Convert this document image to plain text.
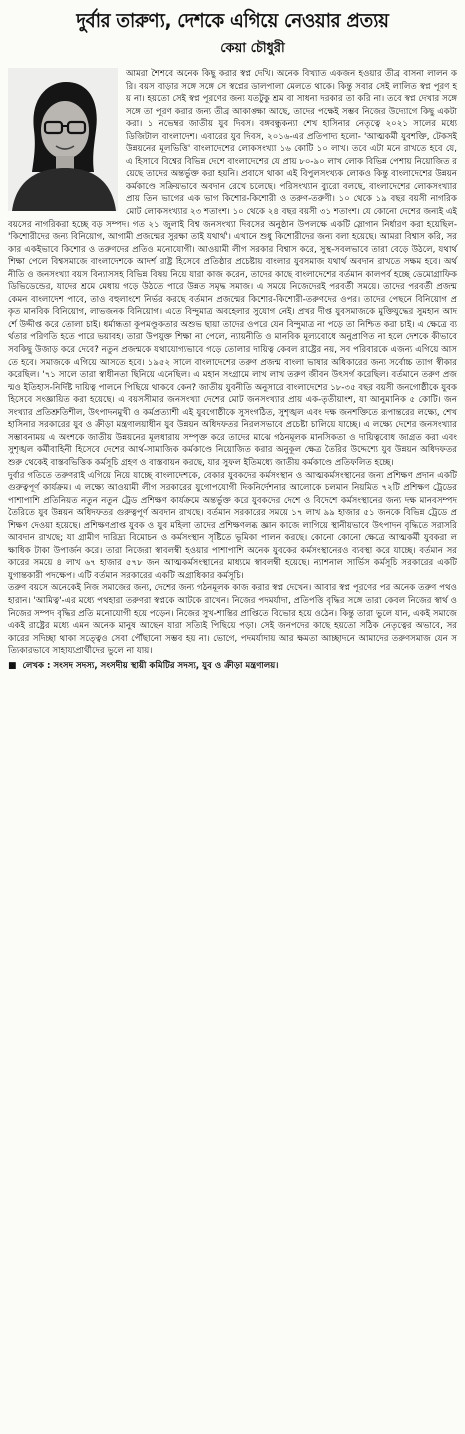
দুর্বার তারুণ্য, দেশকে এগিয়ে নেওয়ার প্রত্যয়
কেয়া চৌধুরী

আমরা শৈশবে অনেক কিছু করার স্বপ্ন দেখি। অনেক বিখ্যাত একজন হওয়ার তীব্র বাসনা লালন করি। বয়স বাড়ার সঙ্গে সঙ্গে সে স্বপ্নের ডালপালা মেলতে থাকে। কিন্তু সবার সেই লালিত স্বপ্ন পূরণ হয় না। হয়তো সেই স্বপ্ন পূরণের জন্য যতটুকু শ্রম বা সাধনা দরকার তা করি না। তবে স্বপ্ন দেখার সঙ্গে সঙ্গে তা পূরণ করার জন্য তীব্র আকাঙ্ক্ষা আছে, তাদের পক্ষেই সম্ভব নিজের উদ্যোগে কিছু একটা করা। ১ নভেম্বর জাতীয় যুব দিবস। বঙ্গবন্ধুকন্যা শেখ হাসিনার নেতৃত্বে ২০২১ সালের মধ্যে ডিজিটাল বাংলাদেশ। এবারের যুব দিবস, ২০১৬-এর প্রতিপাদ্য হলো- 'আত্মকর্মী যুবশক্তি, টেকসই উন্নয়নের মূলভিত্তি' বাংলাদেশের লোকসংখ্যা ১৬ কোটি ১০ লাখ। তবে এটা মনে রাখতে হবে যে, এ হিসাবে বিশ্বের বিভিন্ন দেশে বাংলাদেশের যে প্রায় ৮০-৯০ লাখ লোক বিভিন্ন পেশায় নিয়োজিত রয়েছে তাদের অন্তর্ভুক্ত করা হয়নি। প্রবাসে থাকা এই বিপুলসংখ্যক লোকও কিন্তু বাংলাদেশের উন্নয়ন কর্মকাণ্ডে সক্রিয়ভাবে অবদান রেখে চলেছে। পরিসংখ্যান ব্যুরো বলছে, বাংলাদেশের লোকসংখ্যার প্রায় তিন ভাগের এক ভাগ কিশোর-কিশোরী ও তরুণ-তরুণী। ১০ থেকে ১৯ বছর বয়সী নাগরিক মোট লোকসংখ্যার ২৩ শতাংশ। ১০ থেকে ২৪ বছর বয়সী ৩১ শতাংশ। যে কোনো দেশের জন্যই এই বয়সের নাগরিকরা হচ্ছে বড় সম্পদ। গত ২১ জুলাই বিশ্ব জনসংখ্যা দিবসের অনুষ্ঠান উপলক্ষে একটি স্লোগান নির্ধারণ করা হয়েছিল- 'কিশোরীদের জন্য বিনিয়োগ, আগামী প্রজন্মের সুরক্ষা তাই যথার্থ'। এখানে শুধু কিশোরীদের জন্য বলা হয়েছে। আমরা বিশ্বাস করি, সরকার একইভাবে কিশোর ও তরুণদের প্রতিও মনোযোগী। আওয়ামী লীগ সরকার বিশ্বাস করে, সুস্থ-সবলভাবে তারা বেড়ে উঠলে, যথার্থ শিক্ষা পেলে বিশ্বসমাজে বাংলাদেশকে আদর্শ রাষ্ট্র হিসেবে প্রতিষ্ঠার প্রচেষ্টায় বাংলার যুবসমাজ যথার্থ অবদান রাখতে সক্ষম হবে। অর্থনীতি ও জনসংখ্যা বয়স বিন্যাসসহ বিভিন্ন বিষয় নিয়ে যারা কাজ করেন, তাদের কাছে বাংলাদেশের বর্তমান কালপর্ব হচ্ছে ডেমোগ্রাফিক ডিভিডেন্ডের, যাদের শ্রমে মেধায় গড়ে উঠতে পারে উন্নত সমৃদ্ধ সমাজ। এ সময়ে নিজেদেরই পরবর্তী সময়ে। তাদের পরবর্তী প্রজন্ম কেমন বাংলাদেশ পাবে, তাও বহুলাংশে নির্ভর করছে বর্তমান প্রজন্মের কিশোর-কিশোরী-তরুণদের ওপর। তাদের পেছনে বিনিয়োগ প্রকৃত মানবিক বিনিয়োগ, লাভজনক বিনিয়োগ। এতে বিন্দুমাত্র অবহেলার সুযোগ নেই। প্রখর দীপ্ত যুবসমাজকে মুক্তিযুদ্ধের সুমহান আদর্শে উদ্দীপ্ত করে তোলা চাই। ধর্মান্ধতা কূপমণ্ডূকতার অশুভ ছায়া তাদের ওপরে যেন বিন্দুমাত্র না পড়ে তা নিশ্চিত করা চাই। এ ক্ষেত্রে ব্যর্থতার পরিণতি হতে পারে ভয়াবহ। তারা উপযুক্ত শিক্ষা না পেলে, ন্যায়নীতি ও মানবিক মূল্যবোধে অনুপ্রাণিত না হলে দেশকে কীভাবে সবকিছু উজাড় করে দেবে? নতুন প্রজন্মকে যথাযোগ্যভাবে গড়ে তোলার দায়িত্ব কেবল রাষ্ট্রের নয়, সব পরিবারকে এজন্য এগিয়ে আসতে হবে। সমাজকে এগিয়ে আসতে হবে। ১৯৫২ সালে বাংলাদেশের তরুণ প্রজন্ম বাংলা ভাষার অধিকারের জন্য সর্বোচ্চ ত্যাগ স্বীকার করেছিল। '৭১ সালে তারা স্বাধীনতা ছিনিয়ে এনেছিল। এ মহান সংগ্রামে লাখ লাখ তরুণ জীবন উৎসর্গ করেছিল। বর্তমানে তরুণ প্রজন্মও ইতিহাস-নির্দিষ্ট দায়িত্ব পালনে পিছিয়ে থাকবে কেন? জাতীয় যুবনীতি অনুসারে বাংলাদেশের ১৮-৩৫ বছর বয়সী জনগোষ্ঠীকে যুবক হিসেবে সংজ্ঞায়িত করা হয়েছে। এ বয়সসীমার জনসংখ্যা দেশের মোট জনসংখ্যার প্রায় এক-তৃতীয়াংশ, যা আনুমানিক ৫ কোটি। জনসংখ্যার প্রতিশ্রুতিশীল, উৎপাদনমুখী ও কর্মপ্রত্যাশী এই যুবগোষ্ঠীকে সুসংগঠিত, সুশৃঙ্খল এবং দক্ষ জনশক্তিতে রূপান্তরের লক্ষ্যে, শেখ হাসিনার সরকারের যুব ও ক্রীড়া মন্ত্রণালয়াধীন যুব উন্নয়ন অধিদফতর নিরলসভাবে প্রচেষ্টা চালিয়ে যাচ্ছে। এ লক্ষ্যে দেশের জনসংখ্যার সম্ভাবনাময় এ অংশকে জাতীয় উন্নয়নের মূলধারায় সম্পৃক্ত করে তাদের মাঝে গঠনমূলক মানসিকতা ও দায়িত্ববোধ জাগ্রত করা এবং সুশৃঙ্খল কর্মীবাহিনী হিসেবে দেশের আর্থ-সামাজিক কর্মকাণ্ডে নিয়োজিত করার অনুকূল ক্ষেত্র তৈরির উদ্দেশ্যে যুব উন্নয়ন অধিদফতর শুরু থেকেই বাস্তবভিত্তিক কর্মসূচি গ্রহণ ও বাস্তবায়ন করছে, যার সুফল ইতিমধ্যে জাতীয় কর্মকাণ্ডে প্রতিফলিত হচ্ছে।

দুর্বার গতিতে তরুণরাই এগিয়ে নিয়ে যাচ্ছে বাংলাদেশকে, বেকার যুবকদের কর্মসংস্থান ও আত্মকর্মসংস্থানের জন্য প্রশিক্ষণ প্রদান একটি গুরুত্বপূর্ণ কার্যক্রম। এ লক্ষ্যে আওয়ামী লীগ সরকারের যুগোপযোগী দিকনির্দেশনার আলোকে চলমান নিয়মিত ৭২টি প্রশিক্ষণ ট্রেডের পাশাপাশি প্রতিনিয়ত নতুন নতুন ট্রেড প্রশিক্ষণ কার্যক্রমে অন্তর্ভুক্ত করে যুবকদের দেশে ও বিদেশে কর্মসংস্থানের জন্য দক্ষ মানবসম্পদ তৈরিতে যুব উন্নয়ন অধিদফতর গুরুত্বপূর্ণ অবদান রাখছে। বর্তমান সরকারের সময়ে ১৭ লাখ ৯৯ হাজার ৫১ জনকে বিভিন্ন ট্রেডে প্রশিক্ষণ দেওয়া হয়েছে। প্রশিক্ষণপ্রাপ্ত যুবক ও যুব মহিলা তাদের প্রশিক্ষণলব্ধ জ্ঞান কাজে লাগিয়ে স্থানীয়ভাবে উৎপাদন বৃদ্ধিতে সরাসরি আবদান রাখছে; যা গ্রামীণ দারিদ্র্য বিমোচন ও কর্মসংস্থান সৃষ্টিতে ভূমিকা পালন করছে। কোনো কোনো ক্ষেত্রে আত্মকর্মী যুবকরা লক্ষাধিক টাকা উপার্জন করে। তারা নিজেরা স্বাবলম্বী হওয়ার পাশাপাশি অনেক যুবকের কর্মসংস্থানেরও ব্যবস্থা করে যাচ্ছে। বর্তমান সরকারের সময়ে ৪ লাখ ৬৭ হাজার ৫৭৮ জন আত্মকর্মসংস্থানের মাধ্যমে স্বাবলম্বী হয়েছে। ন্যাশনাল সার্ভিস কর্মসূচি সরকারের একটি যুগান্তকারী পদক্ষেপ। এটি বর্তমান সরকারের একটি অগ্রাধিকার কর্মসূচি।

তরুণ বয়সে অনেকেই নিজ সমাজের জন্য, দেশের জন্য গঠনমূলক কাজ করার স্বপ্ন দেখেন। আবার স্বপ্ন পূরণের পর অনেক তরুণ পথও হারান। 'আমিত্ব'-এর মধ্যে পথহারা তরুণরা স্বপ্নকে আটকে রাখেন। নিজের পদমর্যাদা, প্রতিপত্তি বৃদ্ধির সঙ্গে তারা কেবল নিজের স্বার্থ ও নিজের সম্পদ বৃদ্ধির প্রতি মনোযোগী হয়ে পড়েন। নিজের সুখ-শান্তির প্রাপ্তিতে বিভোর হয়ে ওঠেন। কিন্তু তারা ভুলে যান, একই সমাজে একই রাষ্ট্রের মধ্যে এমন অনেক মানুষ আছেন যারা সত্যিই পিছিয়ে পড়া। সেই জনপদের কাছে হয়তো সঠিক নেতৃত্বের অভাবে, সরকারের সদিচ্ছা থাকা সত্ত্বেও সেবা পৌঁছানো সম্ভব হয় না। ভোগে, পদমর্যাদায় আর ক্ষমতা আচ্ছাদনে আমাদের তরুণসমাজ যেন সত্যিকারভাবে সাহায্যপ্রার্থীদের ভুলে না যায়।

■ লেখক : সংসদ সদস্য, সংসদীয় স্থায়ী কমিটির সদস্য, যুব ও ক্রীড়া মন্ত্রণালয়।
